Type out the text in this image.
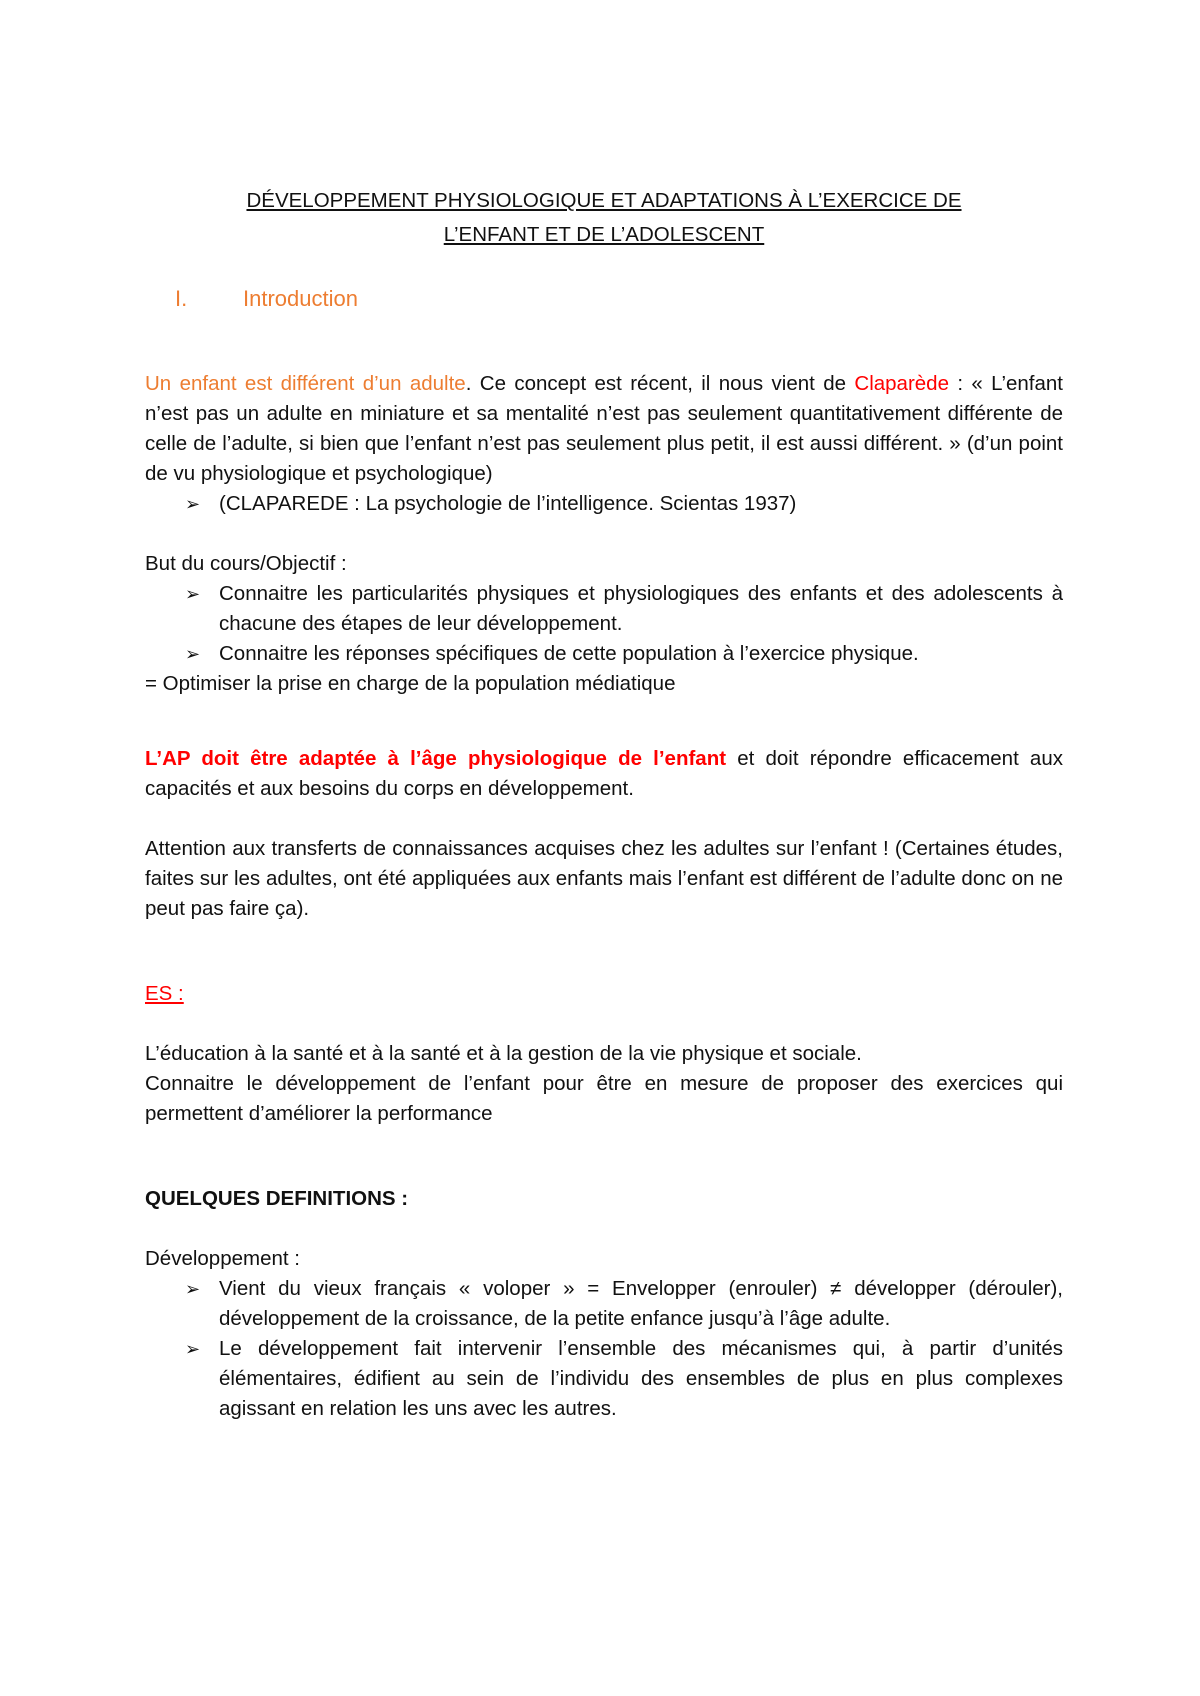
DÉVELOPPEMENT PHYSIOLOGIQUE ET ADAPTATIONS À L’EXERCICE DE
L’ENFANT ET DE L’ADOLESCENT
I.	Introduction

Un enfant est différent d’un adulte. Ce concept est récent, il nous vient de Claparède : « L’enfant n’est pas un adulte en miniature et sa mentalité n’est pas seulement quantitativement différente de celle de l’adulte, si bien que l’enfant n’est pas seulement plus petit, il est aussi différent. » (d’un point de vu physiologique et psychologique)

➢ (CLAPAREDE : La psychologie de l’intelligence. Scientas 1937)

But du cours/Objectif :

➢ Connaitre les particularités physiques et physiologiques des enfants et des adolescents à chacune des étapes de leur développement.
➢ Connaitre les réponses spécifiques de cette population à l’exercice physique.

= Optimiser la prise en charge de la population médiatique

L’AP doit être adaptée à l’âge physiologique de l’enfant et doit répondre efficacement aux capacités et aux besoins du corps en développement.

Attention aux transferts de connaissances acquises chez les adultes sur l’enfant ! (Certaines études, faites sur les adultes, ont été appliquées aux enfants mais l’enfant est différent de l’adulte donc on ne peut pas faire ça).

ES :

L’éducation à la santé et à la santé et à la gestion de la vie physique et sociale.

Connaitre le développement de l’enfant pour être en mesure de proposer des exercices qui permettent d’améliorer la performance

QUELQUES DEFINITIONS :

Développement :

➢ Vient du vieux français « voloper » = Envelopper (enrouler) ≠ développer (dérouler), développement de la croissance, de la petite enfance jusqu’à l’âge adulte.
➢ Le développement fait intervenir l’ensemble des mécanismes qui, à partir d’unités élémentaires, édifient au sein de l’individu des ensembles de plus en plus complexes agissant en relation les uns avec les autres.
